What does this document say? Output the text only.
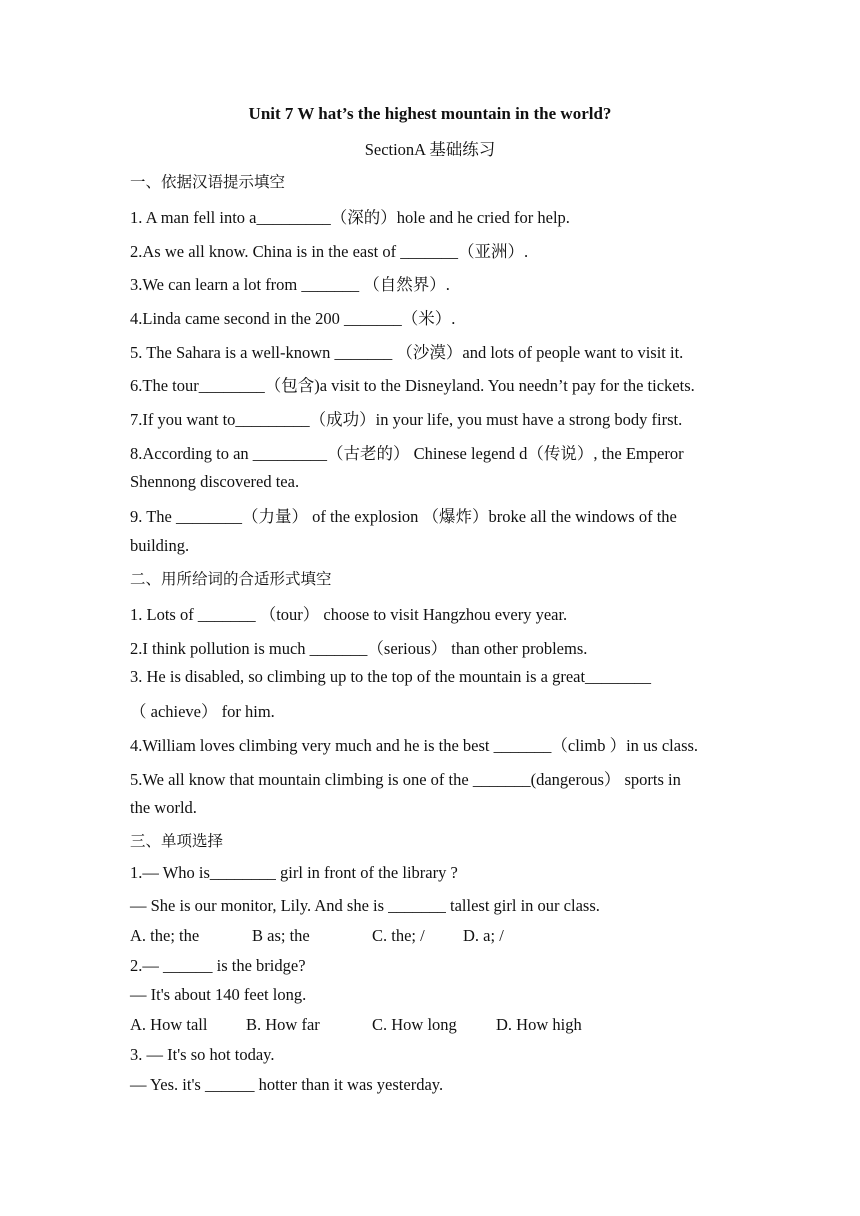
Unit 7 W hat’s the highest mountain in the world?
SectionA 基础练习
一、依据汉语提示填空
1. A man fell into a_________（深的）hole and he cried for help.
2.As we all know. China is in the east of _______（亚洲）.
3.We can learn a lot from _______ （自然界）.
4.Linda came second in the 200 _______（米）.
5. The Sahara is a well-known _______ （沙漠）and lots of people want to visit it.
6.The tour________（包含)a visit to the Disneyland. You needn’t pay for the tickets.
7.If you want to_________（成功）in your life, you must have a strong body first.
8.According to an _________（古老的） Chinese legend d（传说）, the Emperor
Shennong discovered tea.
9. The ________（力量） of the explosion （爆炸）broke all the windows of the
building.
二、用所给词的合适形式填空
1. Lots of _______ （tour） choose to visit Hangzhou every year.
2.I think pollution is much _______（serious） than other problems.
3. He is disabled, so climbing up to the top of the mountain is a great________
（ achieve） for him.
4.William loves climbing very much and he is the best _______（climb ）in us class.
5.We all know that mountain climbing is one of the _______(dangerous） sports in
the world.
三、单项选择
1.— Who is________ girl in front of the library ?
— She is our monitor, Lily. And she is _______ tallest girl in our class.
A. the; the	B as; the	C. the; / D. a; /
2.— ______ is the bridge?
— It's about 140 feet long.
A. How tall B. How far	C. How long D. How high
3. — It's so hot today.
— Yes. it's ______ hotter than it was yesterday.
